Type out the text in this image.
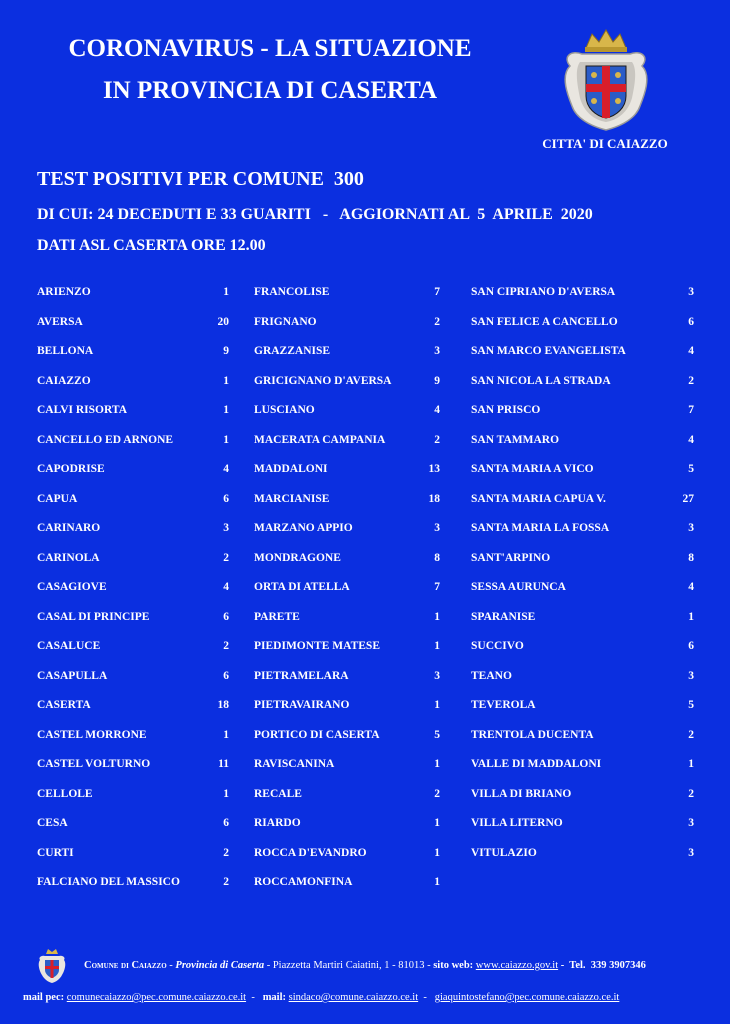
CORONAVIRUS - LA SITUAZIONE
IN PROVINCIA DI CASERTA
CITTA' DI CAIAZZO
TEST POSITIVI PER COMUNE  300
DI CUI: 24 DECEDUTI E 33 GUARITI   -   AGGIORNATI AL  5  APRILE  2020
DATI ASL CASERTA ORE 12.00
ARIENZO	1
AVERSA	20
BELLONA	9
CAIAZZO	1
CALVI RISORTA	1
CANCELLO ED ARNONE	1
CAPODRISE	4
CAPUA	6
CARINARO	3
CARINOLA	2
CASAGIOVE	4
CASAL DI PRINCIPE	6
CASALUCE	2
CASAPULLA	6
CASERTA	18
CASTEL MORRONE	1
CASTEL VOLTURNO	11
CELLOLE	1
CESA	6
CURTI	2
FALCIANO DEL MASSICO	2
FRANCOLISE	7
FRIGNANO	2
GRAZZANISE	3
GRICIGNANO D'AVERSA	9
LUSCIANO	4
MACERATA CAMPANIA	2
MADDALONI	13
MARCIANISE	18
MARZANO APPIO	3
MONDRAGONE	8
ORTA DI ATELLA	7
PARETE	1
PIEDIMONTE MATESE	1
PIETRAMELARA	3
PIETRAVAIRANO	1
PORTICO DI CASERTA	5
RAVISCANINA	1
RECALE	2
RIARDO	1
ROCCA D'EVANDRO	1
ROCCAMONFINA	1
SAN CIPRIANO D'AVERSA	3
SAN FELICE A CANCELLO	6
SAN MARCO EVANGELISTA	4
SAN NICOLA LA STRADA	2
SAN PRISCO	7
SAN TAMMARO	4
SANTA MARIA A VICO	5
SANTA MARIA CAPUA V.	27
SANTA MARIA LA FOSSA	3
SANT'ARPINO	8
SESSA AURUNCA	4
SPARANISE	1
SUCCIVO	6
TEANO	3
TEVEROLA	5
TRENTOLA DUCENTA	2
VALLE DI MADDALONI	1
VILLA DI BRIANO	2
VILLA LITERNO	3
VITULAZIO	3
Comune di Caiazzo - Provincia di Caserta - Piazzetta Martiri Caiatini, 1 - 81013 - sito web: www.caiazzo.gov.it -  Tel.  339 3907346
mail pec: comunecaiazzo@pec.comune.caiazzo.ce.it  -   mail: sindaco@comune.caiazzo.ce.it  -   giaquintostefano@pec.comune.caiazzo.ce.it
